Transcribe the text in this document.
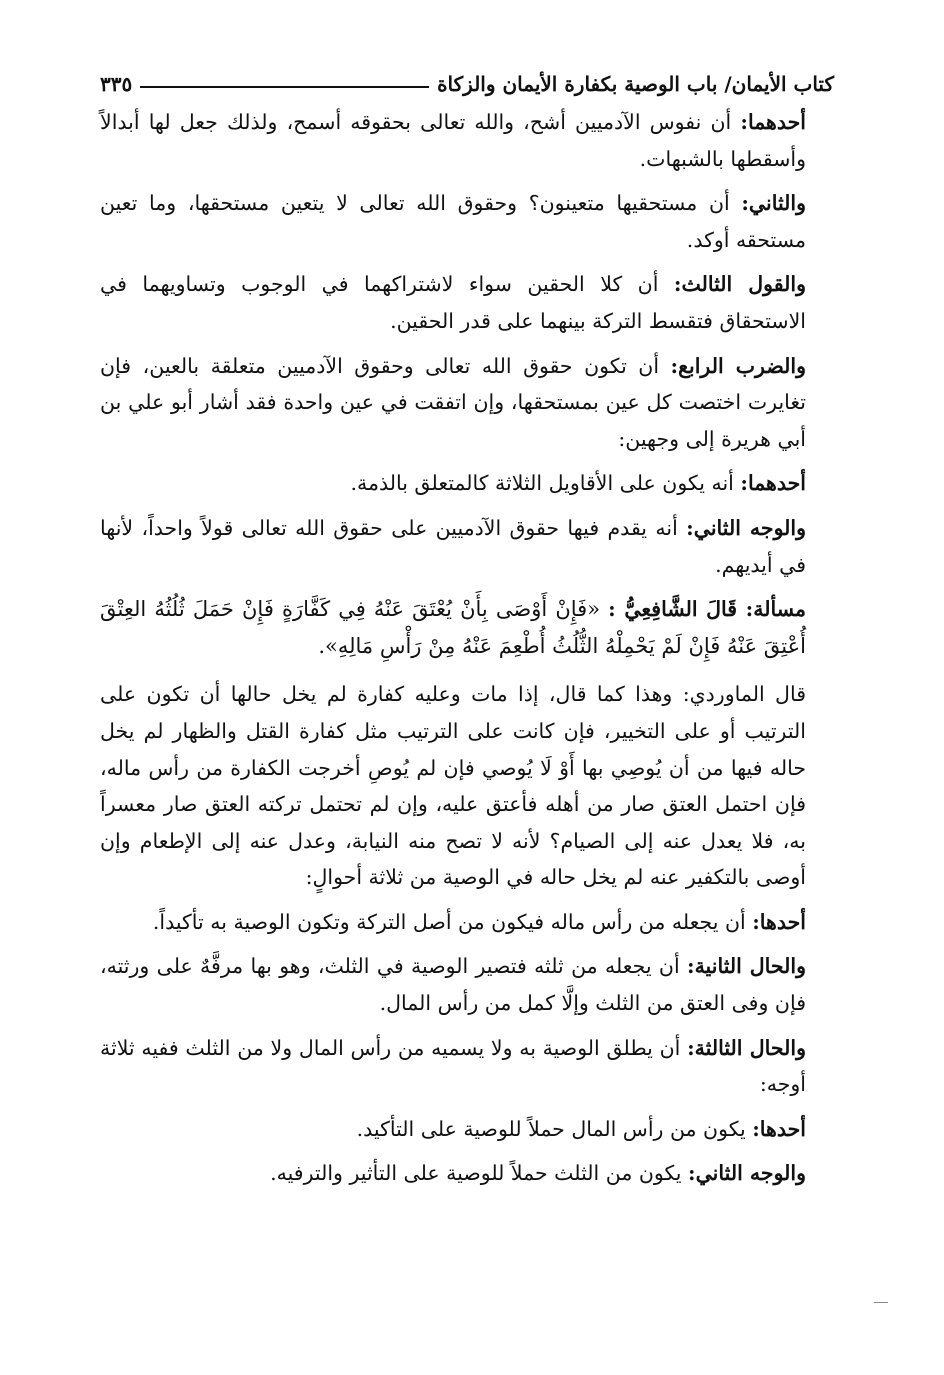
كتاب الأيمان/ باب الوصية بكفارة الأيمان والزكاة
٣٣٥

أحدهما: أن نفوس الآدميين أشح، والله تعالى بحقوقه أسمح، ولذلك جعل لها أبدالاً وأسقطها بالشبهات.

والثاني: أن مستحقيها متعينون؟ وحقوق الله تعالى لا يتعين مستحقها، وما تعين مستحقه أوكد.

والقول الثالث: أن كلا الحقين سواء لاشتراكهما في الوجوب وتساويهما في الاستحقاق فتقسط التركة بينهما على قدر الحقين.

والضرب الرابع: أن تكون حقوق الله تعالى وحقوق الآدميين متعلقة بالعين، فإن تغايرت اختصت كل عين بمستحقها، وإن اتفقت في عين واحدة فقد أشار أبو علي بن أبي هريرة إلى وجهين:

أحدهما: أنه يكون على الأقاويل الثلاثة كالمتعلق بالذمة.

والوجه الثاني: أنه يقدم فيها حقوق الآدميين على حقوق الله تعالى قولاً واحداً، لأنها في أيديهم.

مسألة: قَالَ الشَّافِعِيُّ : «فَإِنْ أَوْصَى بِأَنْ يُعْتَقَ عَنْهُ فِي كَفَّارَةٍ فَإِنْ حَمَلَ ثُلُثُهُ العِتْقَ أُعْتِقَ عَنْهُ فَإِنْ لَمْ يَحْمِلْهُ الثُّلُثُ أُطْعِمَ عَنْهُ مِنْ رَأْسِ مَالِهِ».

قال الماوردي: وهذا كما قال، إذا مات وعليه كفارة لم يخل حالها أن تكون على الترتيب أو على التخيير، فإن كانت على الترتيب مثل كفارة القتل والظهار لم يخل حاله فيها من أن يُوصِي بها أَوْ لَا يُوصي فإن لم يُوصِ أخرجت الكفارة من رأس ماله، فإن احتمل العتق صار من أهله فأعتق عليه، وإن لم تحتمل تركته العتق صار معسراً به، فلا يعدل عنه إلى الصيام؟ لأنه لا تصح منه النيابة، وعدل عنه إلى الإطعام وإن أوصى بالتكفير عنه لم يخل حاله في الوصية من ثلاثة أحوالٍ:

أحدها: أن يجعله من رأس ماله فيكون من أصل التركة وتكون الوصية به تأكيداً.

والحال الثانية: أن يجعله من ثلثه فتصير الوصية في الثلث، وهو بها مرفَّهٌ على ورثته، فإن وفى العتق من الثلث وإلَّا كمل من رأس المال.

والحال الثالثة: أن يطلق الوصية به ولا يسميه من رأس المال ولا من الثلث ففيه ثلاثة أوجه:

أحدها: يكون من رأس المال حملاً للوصية على التأكيد.

والوجه الثاني: يكون من الثلث حملاً للوصية على التأثير والترفيه.
